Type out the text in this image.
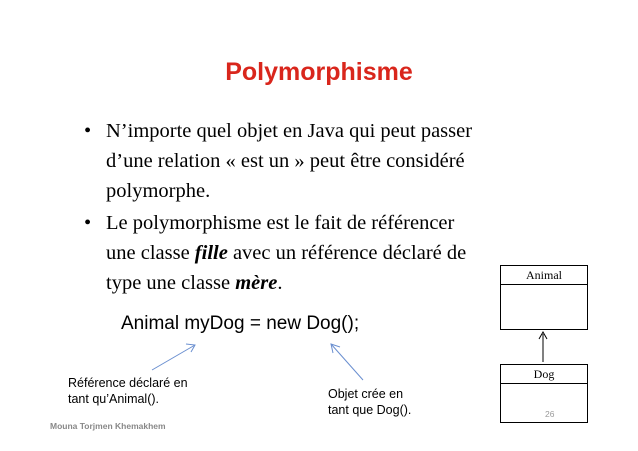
Polymorphisme
• N’importe quel objet en Java qui peut passer
d’une relation « est un » peut être considéré
polymorphe.
• Le polymorphisme est le fait de référencer
une classe fille avec un référence déclaré de
type une classe mère.
Animal myDog = new Dog();
Référence déclaré en
tant qu’Animal().	Objet crée en
tant que Dog().
Animal
Dog
26
Mouna Torjmen Khemakhem
